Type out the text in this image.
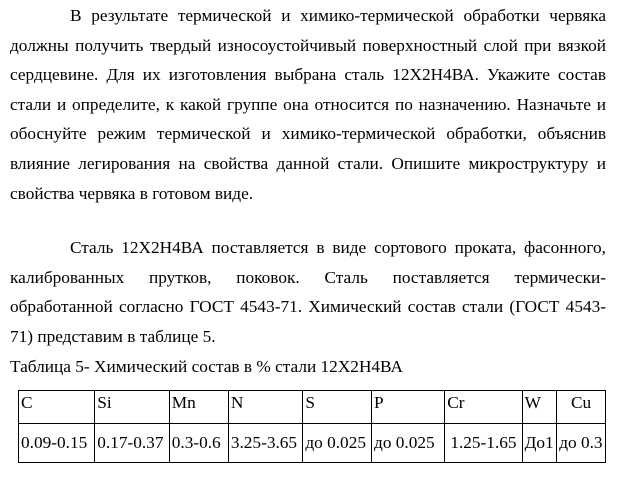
В результате термической и химико-термической обработки червяка должны получить твердый износоустойчивый поверхностный слой при вязкой сердцевине. Для их изготовления выбрана сталь 12Х2Н4ВА. Укажите состав стали и определите, к какой группе она относится по назначению. Назначьте и обоснуйте режим термической и химико-термической обработки, объяснив влияние легирования на свойства данной стали. Опишите микроструктуру и свойства червяка в готовом виде.

Сталь 12Х2Н4ВА поставляется в виде сортового проката, фасонного, калиброванных прутков, поковок. Сталь поставляется термически-обработанной согласно ГОСТ 4543-71. Химический состав стали (ГОСТ 4543-71) представим в таблице 5.

Таблица 5- Химический состав в % стали 12Х2Н4ВА

C	Si	Mn	N	S	P	Cr	W	Cu
0.09-0.15	0.17-0.37	0.3-0.6	3.25-3.65	до 0.025	до 0.025	1.25-1.65	До1	до 0.3
